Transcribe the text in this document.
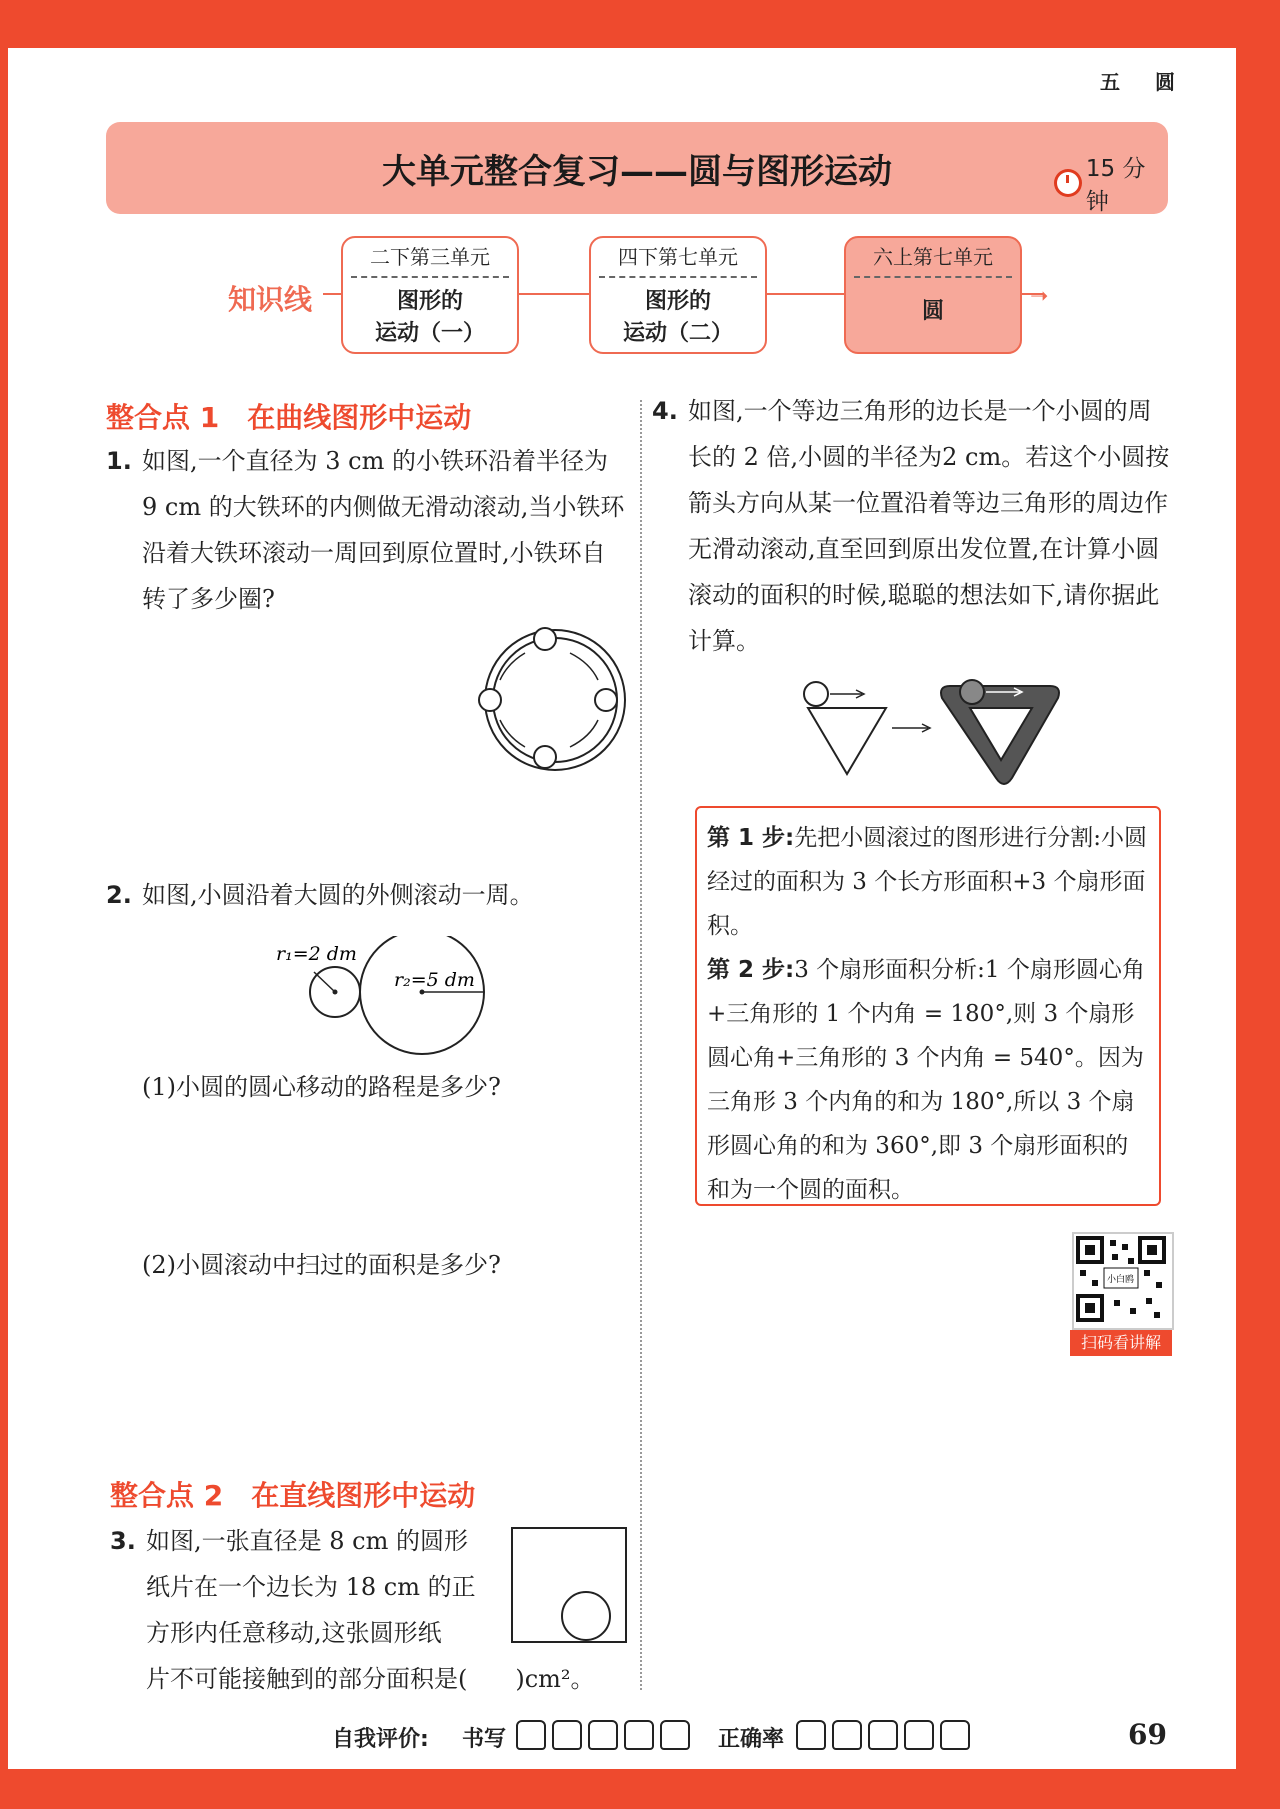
五 圆
大单元整合复习——圆与图形运动	15 分钟
知识线	➝
二下第三单元
图形的
运动（一）
四下第七单元
图形的
运动（二）
六上第七单元
圆
整合点 1　在曲线图形中运动
1. 如图,一个直径为 3 cm 的小铁环沿着半径为 9 cm 的大铁环的内侧做无滑动滚动,当小铁环沿着大铁环滚动一周回到原位置时,小铁环自转了多少圈?
2. 如图,小圆沿着大圆的外侧滚动一周。
r₁=2 dm
r₂=5 dm
(1)小圆的圆心移动的路程是多少?
(2)小圆滚动中扫过的面积是多少?
整合点 2　在直线图形中运动
3. 如图,一张直径是 8 cm 的圆形
纸片在一个边长为 18 cm 的正
方形内任意移动,这张圆形纸
片不可能接触到的部分面积是(　　)cm²。
4. 如图,一个等边三角形的边长是一个小圆的周长的 2 倍,小圆的半径为2 cm。若这个小圆按箭头方向从某一位置沿着等边三角形的周边作无滑动滚动,直至回到原出发位置,在计算小圆滚动的面积的时候,聪聪的想法如下,请你据此计算。
第 1 步:先把小圆滚过的图形进行分割:小圆经过的面积为 3 个长方形面积+3 个扇形面积。
第 2 步:3 个扇形面积分析:1 个扇形圆心角+三角形的 1 个内角 = 180°,则 3 个扇形圆心角+三角形的 3 个内角 = 540°。因为三角形 3 个内角的和为 180°,所以 3 个扇形圆心角的和为 360°,即 3 个扇形面积的和为一个圆的面积。
小白鸥
扫码看讲解
自我评价: 书写	正确率	69
